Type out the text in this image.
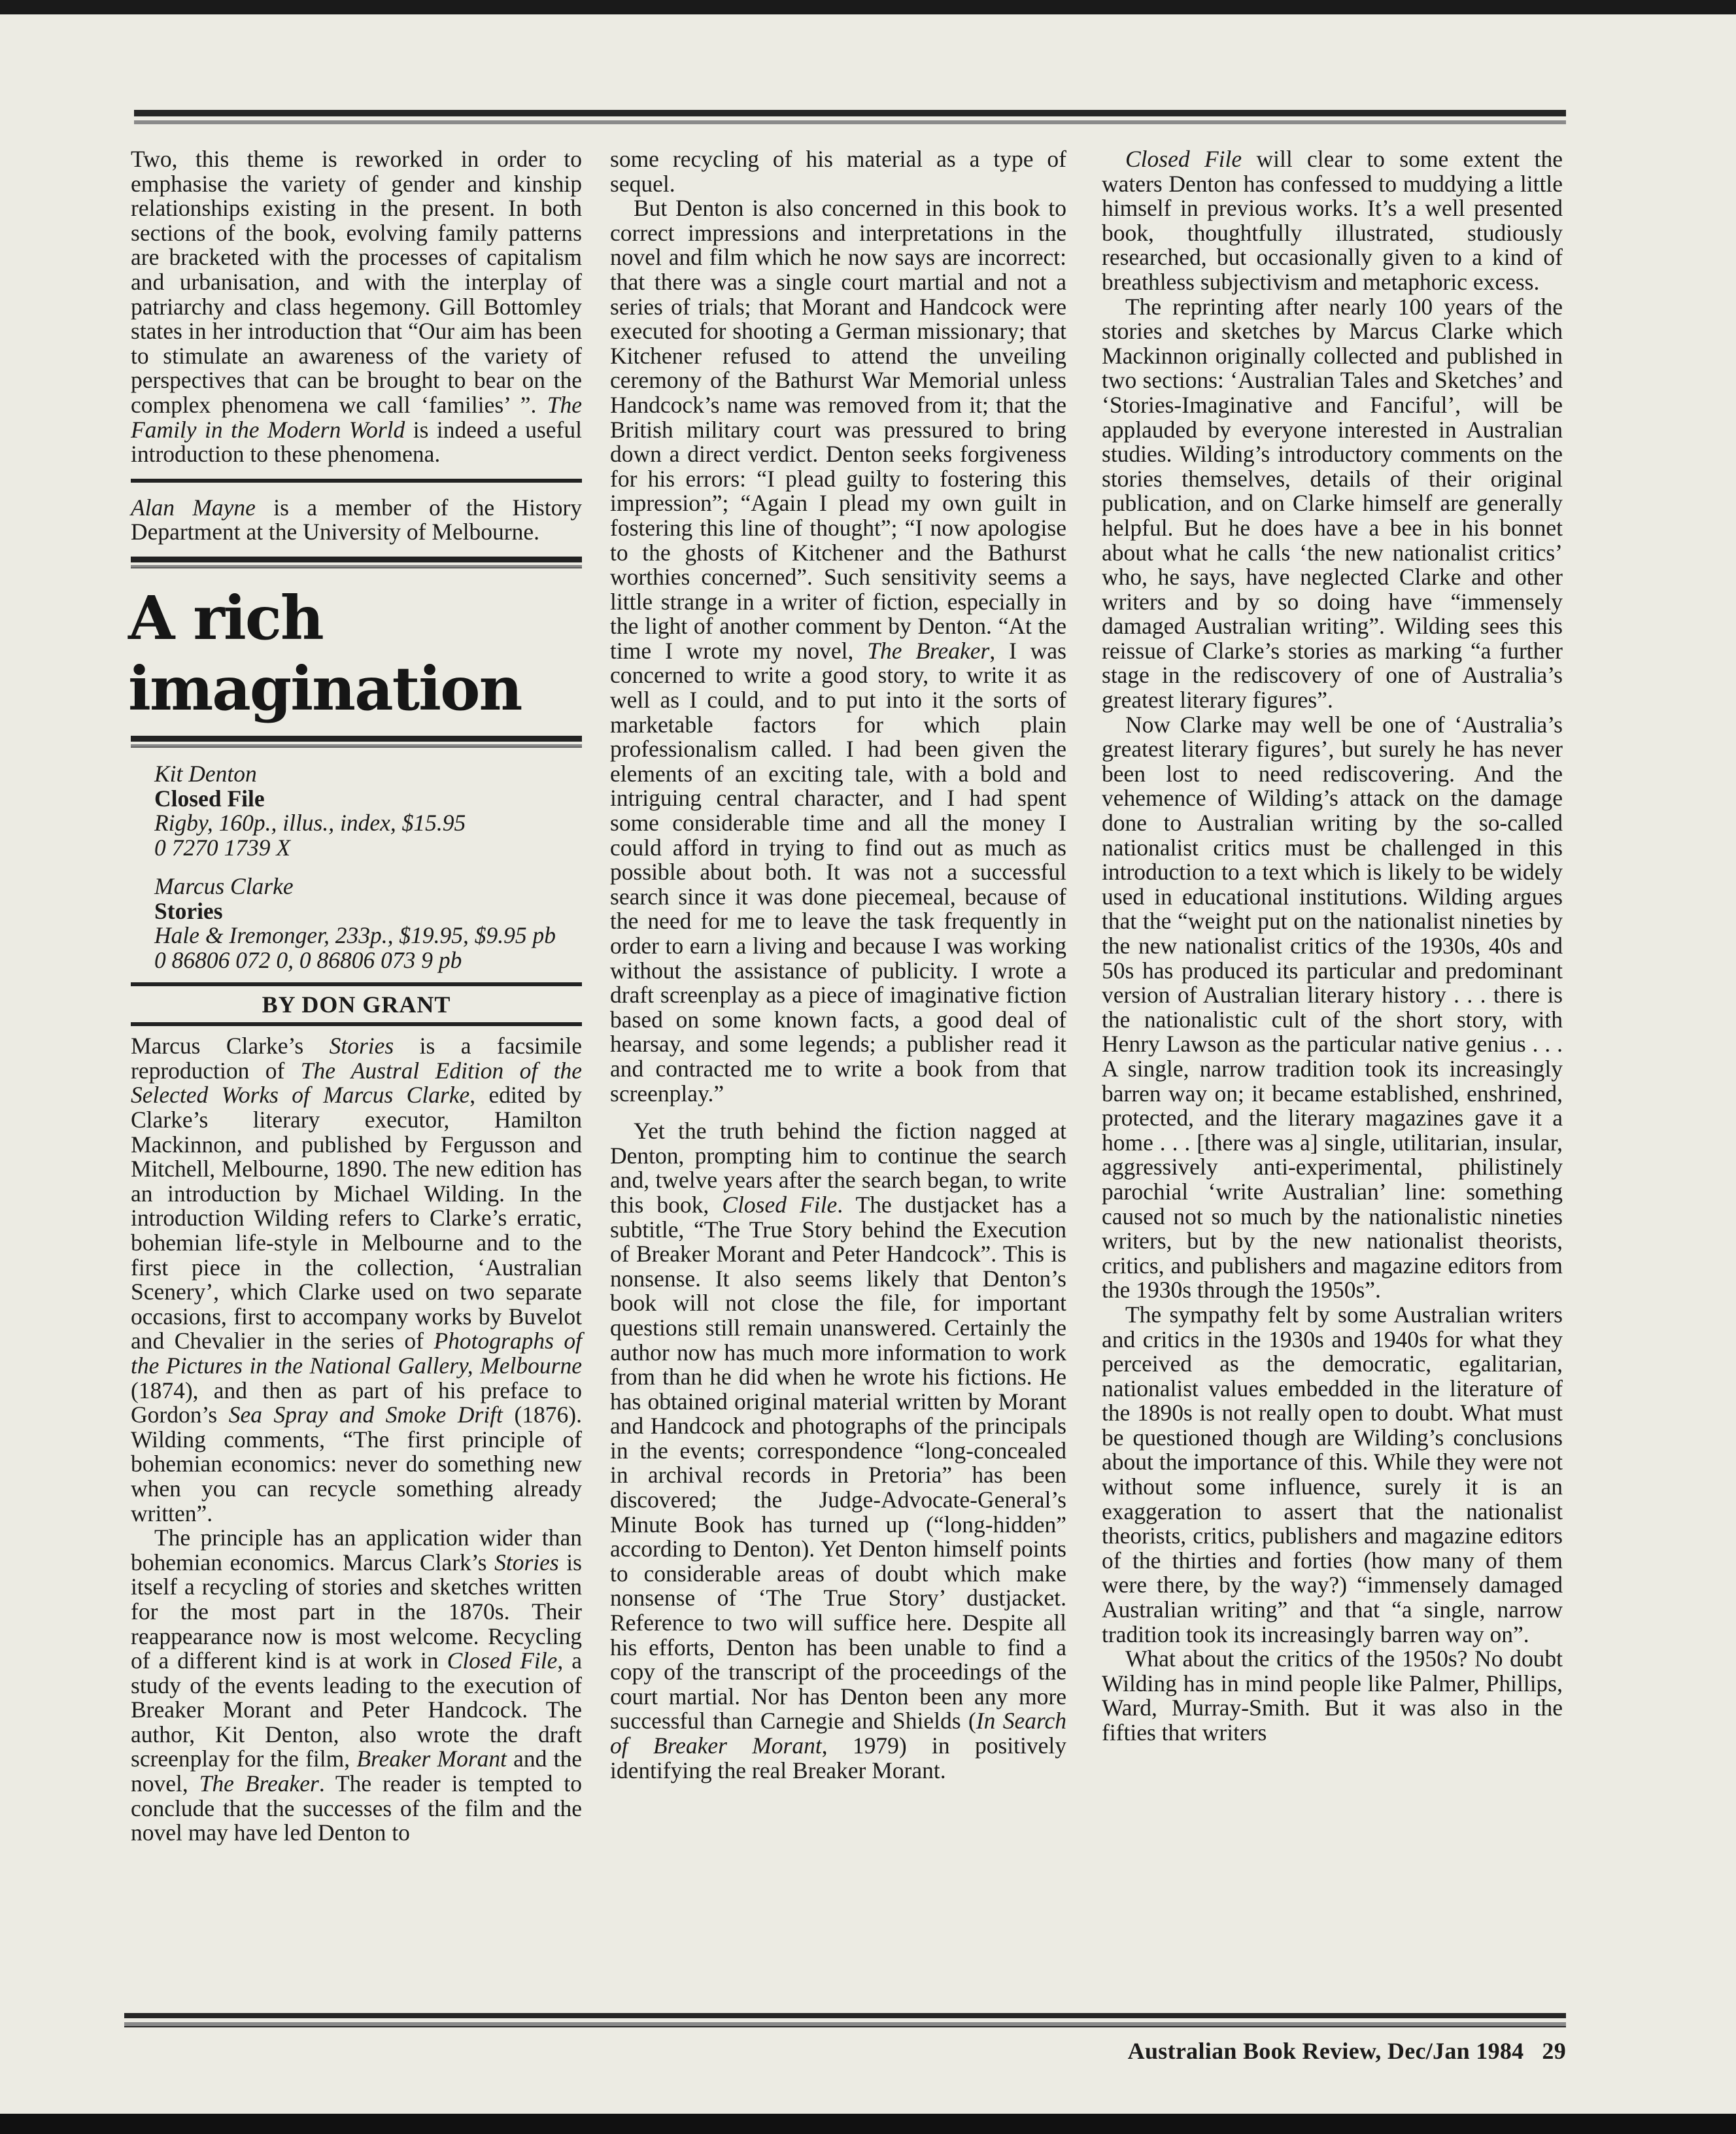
Two, this theme is reworked in order to emphasise the variety of gender and kinship relationships existing in the present. In both sections of the book, evolving family patterns are bracketed with the processes of capitalism and urbanisation, and with the interplay of patriarchy and class hegemony. Gill Bottomley states in her introduction that “Our aim has been to stimulate an awareness of the variety of perspectives that can be brought to bear on the complex phenomena we call ‘families’ ”. The Family in the Modern World is indeed a useful introduction to these phenomena.

Alan Mayne is a member of the History Department at the University of Melbourne.

A rich
imagination

Kit Denton

Closed File

Rigby, 160p., illus., index, $15.95

0 7270 1739 X

Marcus Clarke

Stories

Hale & Iremonger, 233p., $19.95, $9.95 pb

0 86806 072 0, 0 86806 073 9 pb

BY DON GRANT

Marcus Clarke’s Stories is a facsimile reproduction of The Austral Edition of the Selected Works of Marcus Clarke, edited by Clarke’s literary executor, Hamilton Mackinnon, and published by Fergusson and Mitchell, Melbourne, 1890. The new edition has an introduction by Michael Wilding. In the introduction Wilding refers to Clarke’s erratic, bohemian life-style in Melbourne and to the first piece in the collection, ‘Australian Scenery’, which Clarke used on two separate occasions, first to accompany works by Buvelot and Chevalier in the series of Photographs of the Pictures in the National Gallery, Melbourne (1874), and then as part of his preface to Gordon’s Sea Spray and Smoke Drift (1876). Wilding comments, “The first principle of bohemian economics: never do something new when you can recycle something already written”.

The principle has an application wider than bohemian economics. Marcus Clark’s Stories is itself a recycling of stories and sketches written for the most part in the 1870s. Their reappearance now is most welcome. Recycling of a different kind is at work in Closed File, a study of the events leading to the execution of Breaker Morant and Peter Handcock. The author, Kit Denton, also wrote the draft screenplay for the film, Breaker Morant and the novel, The Breaker. The reader is tempted to conclude that the successes of the film and the novel may have led Denton to

some recycling of his material as a type of sequel.

But Denton is also concerned in this book to correct impressions and interpretations in the novel and film which he now says are incorrect: that there was a single court martial and not a series of trials; that Morant and Handcock were executed for shooting a German missionary; that Kitchener refused to attend the unveiling ceremony of the Bathurst War Memorial unless Handcock’s name was removed from it; that the British military court was pressured to bring down a direct verdict. Denton seeks forgiveness for his errors: “I plead guilty to fostering this impression”; “Again I plead my own guilt in fostering this line of thought”; “I now apologise to the ghosts of Kitchener and the Bathurst worthies concerned”. Such sensitivity seems a little strange in a writer of fiction, especially in the light of another comment by Denton. “At the time I wrote my novel, The Breaker, I was concerned to write a good story, to write it as well as I could, and to put into it the sorts of marketable factors for which plain professionalism called. I had been given the elements of an exciting tale, with a bold and intriguing central character, and I had spent some considerable time and all the money I could afford in trying to find out as much as possible about both. It was not a successful search since it was done piecemeal, because of the need for me to leave the task frequently in order to earn a living and because I was working without the assistance of publicity. I wrote a draft screenplay as a piece of imaginative fiction based on some known facts, a good deal of hearsay, and some legends; a publisher read it and contracted me to write a book from that screenplay.”

Yet the truth behind the fiction nagged at Denton, prompting him to continue the search and, twelve years after the search began, to write this book, Closed File. The dustjacket has a subtitle, “The True Story behind the Execution of Breaker Morant and Peter Handcock”. This is nonsense. It also seems likely that Denton’s book will not close the file, for important questions still remain unanswered. Certainly the author now has much more information to work from than he did when he wrote his fictions. He has obtained original material written by Morant and Handcock and photographs of the principals in the events; correspondence “long-concealed in archival records in Pretoria” has been discovered; the Judge-Advocate-General’s Minute Book has turned up (“long-hidden” according to Denton). Yet Denton himself points to considerable areas of doubt which make nonsense of ‘The True Story’ dustjacket. Reference to two will suffice here. Despite all his efforts, Denton has been unable to find a copy of the transcript of the proceedings of the court martial. Nor has Denton been any more successful than Carnegie and Shields (In Search of Breaker Morant, 1979) in positively identifying the real Breaker Morant.

Closed File will clear to some extent the waters Denton has confessed to muddying a little himself in previous works. It’s a well presented book, thoughtfully illustrated, studiously researched, but occasionally given to a kind of breathless subjectivism and metaphoric excess.

The reprinting after nearly 100 years of the stories and sketches by Marcus Clarke which Mackinnon originally collected and published in two sections: ‘Australian Tales and Sketches’ and ‘Stories-Imaginative and Fanciful’, will be applauded by everyone interested in Australian studies. Wilding’s introductory comments on the stories themselves, details of their original publication, and on Clarke himself are generally helpful. But he does have a bee in his bonnet about what he calls ‘the new nationalist critics’ who, he says, have neglected Clarke and other writers and by so doing have “immensely damaged Australian writing”. Wilding sees this reissue of Clarke’s stories as marking “a further stage in the rediscovery of one of Australia’s greatest literary figures”.

Now Clarke may well be one of ‘Australia’s greatest literary figures’, but surely he has never been lost to need rediscovering. And the vehemence of Wilding’s attack on the damage done to Australian writing by the so-called nationalist critics must be challenged in this introduction to a text which is likely to be widely used in educational institutions. Wilding argues that the “weight put on the nationalist nineties by the new nationalist critics of the 1930s, 40s and 50s has produced its particular and predominant version of Australian literary history . . . there is the nationalistic cult of the short story, with Henry Lawson as the particular native genius . . . A single, narrow tradition took its increasingly barren way on; it became established, enshrined, protected, and the literary magazines gave it a home . . . [there was a] single, utilitarian, insular, aggressively anti-experimental, philistinely parochial ‘write Australian’ line: something caused not so much by the nationalistic nineties writers, but by the new nationalist theorists, critics, and publishers and magazine editors from the 1930s through the 1950s”.

The sympathy felt by some Australian writers and critics in the 1930s and 1940s for what they perceived as the democratic, egalitarian, nationalist values embedded in the literature of the 1890s is not really open to doubt. What must be questioned though are Wilding’s conclusions about the importance of this. While they were not without some influence, surely it is an exaggeration to assert that the nationalist theorists, critics, publishers and magazine editors of the thirties and forties (how many of them were there, by the way?) “immensely damaged Australian writing” and that “a single, narrow tradition took its increasingly barren way on”.

What about the critics of the 1950s? No doubt Wilding has in mind people like Palmer, Phillips, Ward, Murray-Smith. But it was also in the fifties that writers

Australian Book Review, Dec/Jan 1984 29
